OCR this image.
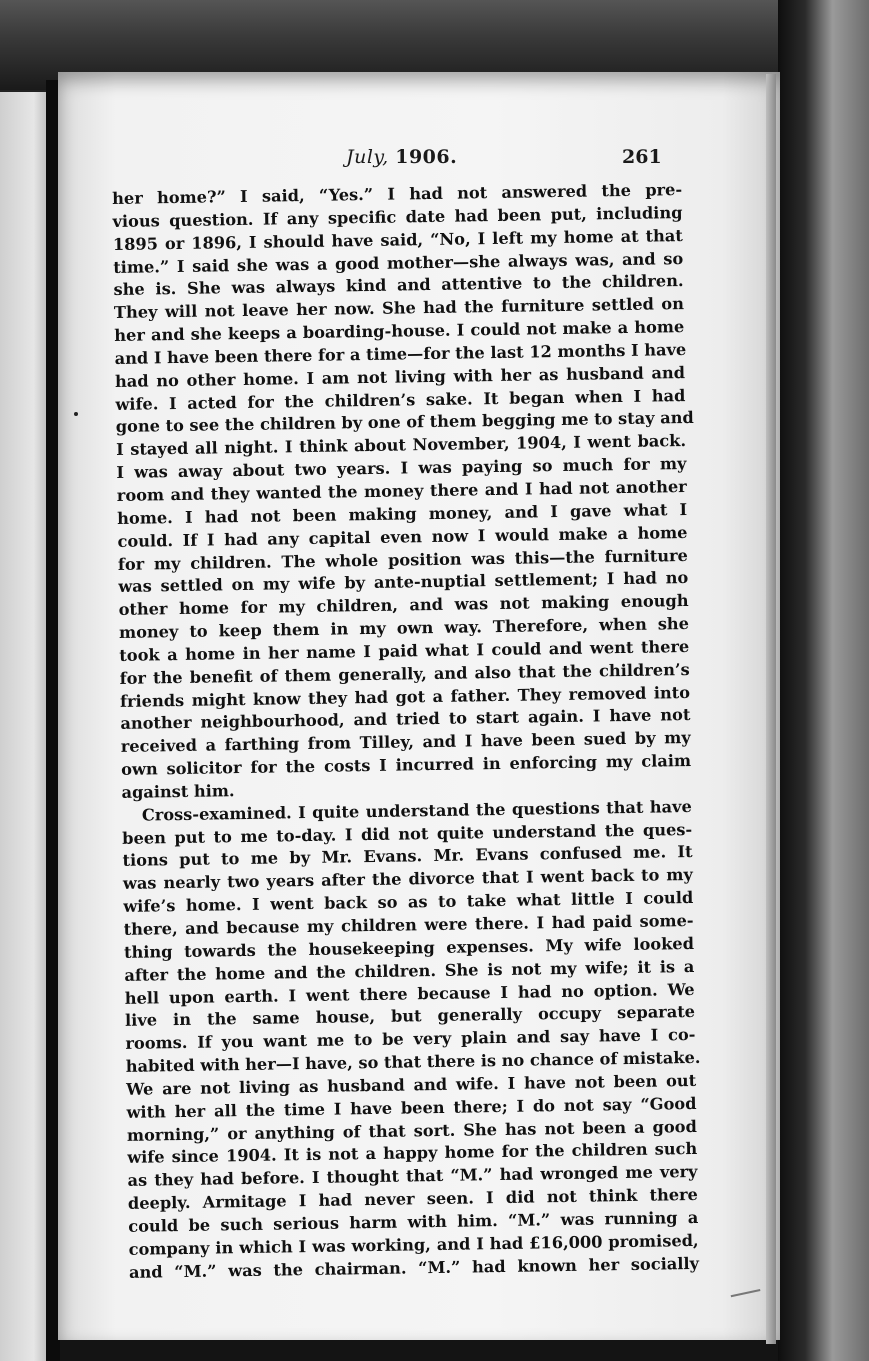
July, 1906.	261
her home?” I said, “Yes.” I had not answered the pre-
vious question. If any specific date had been put, including
1895 or 1896, I should have said, “No, I left my home at that
time.” I said she was a good mother—she always was, and so
she is. She was always kind and attentive to the children.
They will not leave her now. She had the furniture settled on
her and she keeps a boarding-house. I could not make a home
and I have been there for a time—for the last 12 months I have
had no other home. I am not living with her as husband and
wife. I acted for the children’s sake. It began when I had
gone to see the children by one of them begging me to stay and
I stayed all night. I think about November, 1904, I went back.
I was away about two years. I was paying so much for my
room and they wanted the money there and I had not another
home. I had not been making money, and I gave what I
could. If I had any capital even now I would make a home
for my children. The whole position was this—the furniture
was settled on my wife by ante-nuptial settlement; I had no
other home for my children, and was not making enough
money to keep them in my own way. Therefore, when she
took a home in her name I paid what I could and went there
for the benefit of them generally, and also that the children’s
friends might know they had got a father. They removed into
another neighbourhood, and tried to start again. I have not
received a farthing from Tilley, and I have been sued by my
own solicitor for the costs I incurred in enforcing my claim
against him.
Cross-examined. I quite understand the questions that have
been put to me to-day. I did not quite understand the ques-
tions put to me by Mr. Evans. Mr. Evans confused me. It
was nearly two years after the divorce that I went back to my
wife’s home. I went back so as to take what little I could
there, and because my children were there. I had paid some-
thing towards the housekeeping expenses. My wife looked
after the home and the children. She is not my wife; it is a
hell upon earth. I went there because I had no option. We
live in the same house, but generally occupy separate
rooms. If you want me to be very plain and say have I co-
habited with her—I have, so that there is no chance of mistake.
We are not living as husband and wife. I have not been out
with her all the time I have been there; I do not say “Good
morning,” or anything of that sort. She has not been a good
wife since 1904. It is not a happy home for the children such
as they had before. I thought that “M.” had wronged me very
deeply. Armitage I had never seen. I did not think there
could be such serious harm with him. “M.” was running a
company in which I was working, and I had £16,000 promised,
and “M.” was the chairman. “M.” had known her socially
